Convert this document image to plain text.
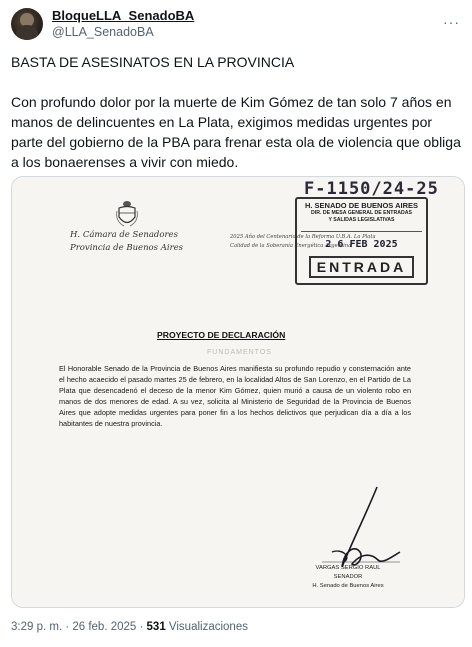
BloqueLLA_SenadoBA
@LLA_SenadoBA
···

BASTA DE ASESINATOS EN LA PROVINCIA

Con profundo dolor por la muerte de Kim Gómez de tan solo 7 años en manos de delincuentes en La Plata, exigimos medidas urgentes por parte del gobierno de la PBA para frenar esta ola de violencia que obliga a los bonaerenses a vivir con miedo.

H. Cámara de Senadores
Provincia de Buenos Aires
2025 Año del Centenario de la Reforma U.B.A. La Plata
Calidad de la Soberanía Energética Argentina
F-1150/24-25
H. SENADO DE BUENOS AIRES
DIR. DE MESA GENERAL DE ENTRADAS
Y SALIDAS LEGISLATIVAS
2 6 FEB 2025
ENTRADA
PROYECTO DE DECLARACIÓN
FUNDAMENTOS

El Honorable Senado de la Provincia de Buenos Aires manifiesta su profundo repudio y consternación ante el hecho acaecido el pasado martes 25 de febrero, en la localidad Altos de San Lorenzo, en el Partido de La Plata que desencadenó el deceso de la menor Kim Gómez, quien murió a causa de un violento robo en manos de dos menores de edad. A su vez, solicita al Ministerio de Seguridad de la Provincia de Buenos Aires que adopte medidas urgentes para poner fin a los hechos delictivos que perjudican día a día a los habitantes de nuestra provincia.

VARGAS SERGIO RAUL
SENADOR
H. Senado de Buenos Aires
3:29 p. m. · 26 feb. 2025 · 531 Visualizaciones
